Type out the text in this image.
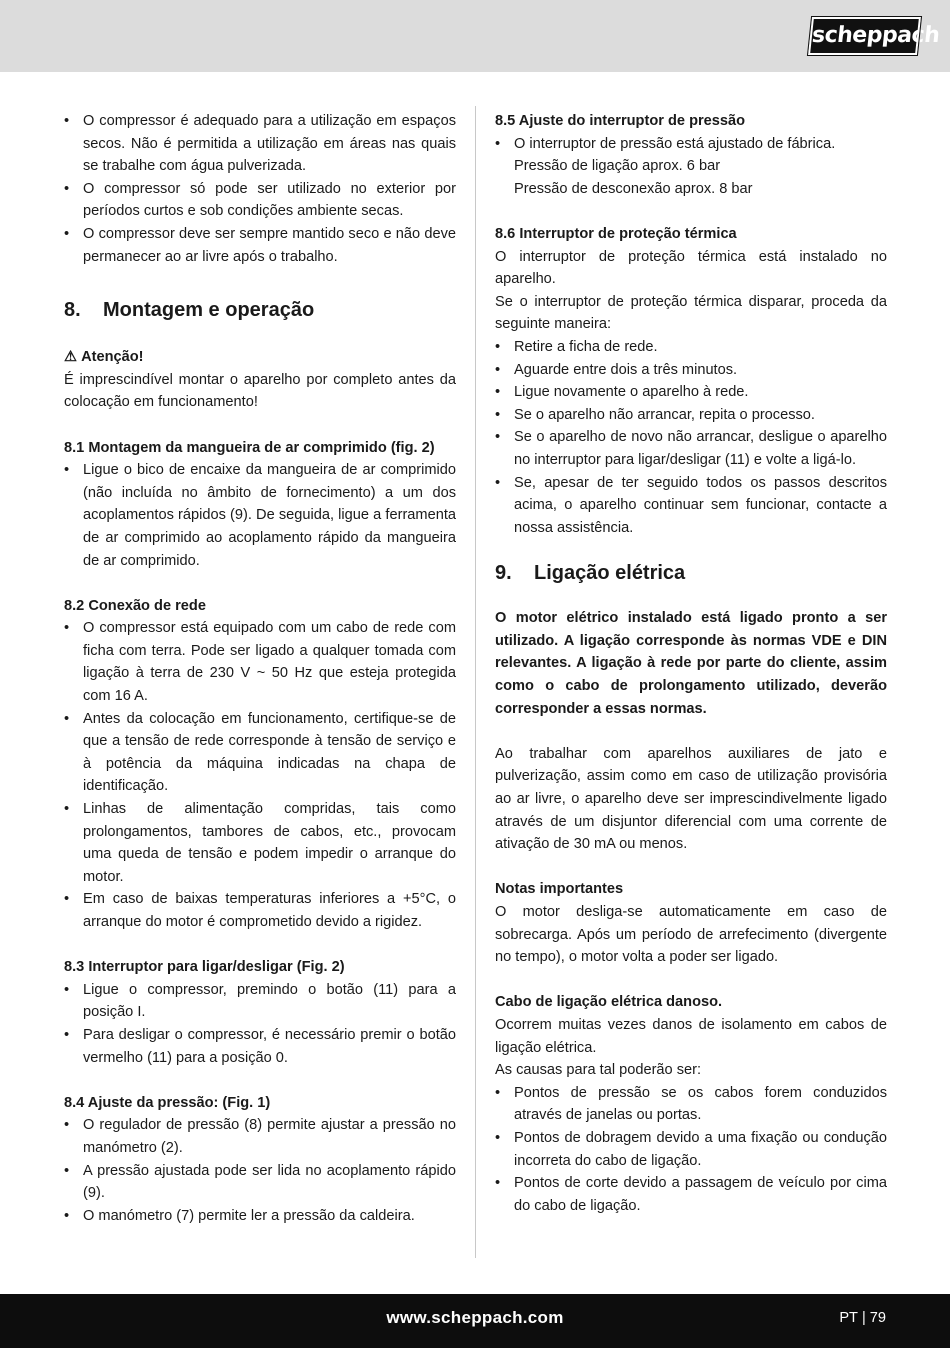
scheppach
• O compressor é adequado para a utilização em espaços secos. Não é permitida a utilização em áreas nas quais se trabalhe com água pulverizada.
• O compressor só pode ser utilizado no exterior por períodos curtos e sob condições ambiente secas.
• O compressor deve ser sempre mantido seco e não deve permanecer ao ar livre após o trabalho.
8. Montagem e operação
⚠ Atenção!

É imprescindível montar o aparelho por completo antes da colocação em funcionamento!

8.1 Montagem da mangueira de ar comprimido (fig. 2)
• Ligue o bico de encaixe da mangueira de ar comprimido (não incluída no âmbito de fornecimento) a um dos acoplamentos rápidos (9). De seguida, ligue a ferramenta de ar comprimido ao acoplamento rápido da mangueira de ar comprimido.
8.2 Conexão de rede
• O compressor está equipado com um cabo de rede com ficha com terra. Pode ser ligado a qualquer tomada com ligação à terra de 230 V ~ 50 Hz que esteja protegida com 16 A.
• Antes da colocação em funcionamento, certifique-se de que a tensão de rede corresponde à tensão de serviço e à potência da máquina indicadas na chapa de identificação.
• Linhas de alimentação compridas, tais como prolongamentos, tambores de cabos, etc., provocam uma queda de tensão e podem impedir o arranque do motor.
• Em caso de baixas temperaturas inferiores a +5°C, o arranque do motor é comprometido devido a rigidez.
8.3 Interruptor para ligar/desligar (Fig. 2)
• Ligue o compressor, premindo o botão (11) para a posição I.
• Para desligar o compressor, é necessário premir o botão vermelho (11) para a posição 0.
8.4 Ajuste da pressão: (Fig. 1)
• O regulador de pressão (8) permite ajustar a pressão no manómetro (2).
• A pressão ajustada pode ser lida no acoplamento rápido (9).
• O manómetro (7) permite ler a pressão da caldeira.
8.5 Ajuste do interruptor de pressão
• O interruptor de pressão está ajustado de fábrica.
Pressão de ligação aprox. 6 bar
Pressão de desconexão aprox. 8 bar
8.6 Interruptor de proteção térmica

O interruptor de proteção térmica está instalado no aparelho.

Se o interruptor de proteção térmica disparar, proceda da seguinte maneira:

• Retire a ficha de rede.
• Aguarde entre dois a três minutos.
• Ligue novamente o aparelho à rede.
• Se o aparelho não arrancar, repita o processo.
• Se o aparelho de novo não arrancar, desligue o aparelho no interruptor para ligar/desligar (11) e volte a ligá-lo.
• Se, apesar de ter seguido todos os passos descritos acima, o aparelho continuar sem funcionar, contacte a nossa assistência.
9. Ligação elétrica

O motor elétrico instalado está ligado pronto a ser utilizado. A ligação corresponde às normas VDE e DIN relevantes. A ligação à rede por parte do cliente, assim como o cabo de prolongamento utilizado, deverão corresponder a essas normas.

Ao trabalhar com aparelhos auxiliares de jato e pulverização, assim como em caso de utilização provisória ao ar livre, o aparelho deve ser imprescindivelmente ligado através de um disjuntor diferencial com uma corrente de ativação de 30 mA ou menos.

Notas importantes

O motor desliga-se automaticamente em caso de sobrecarga. Após um período de arrefecimento (divergente no tempo), o motor volta a poder ser ligado.

Cabo de ligação elétrica danoso.

Ocorrem muitas vezes danos de isolamento em cabos de ligação elétrica.

As causas para tal poderão ser:

• Pontos de pressão se os cabos forem conduzidos através de janelas ou portas.
• Pontos de dobragem devido a uma fixação ou condução incorreta do cabo de ligação.
• Pontos de corte devido a passagem de veículo por cima do cabo de ligação.
www.scheppach.com	PT | 79
